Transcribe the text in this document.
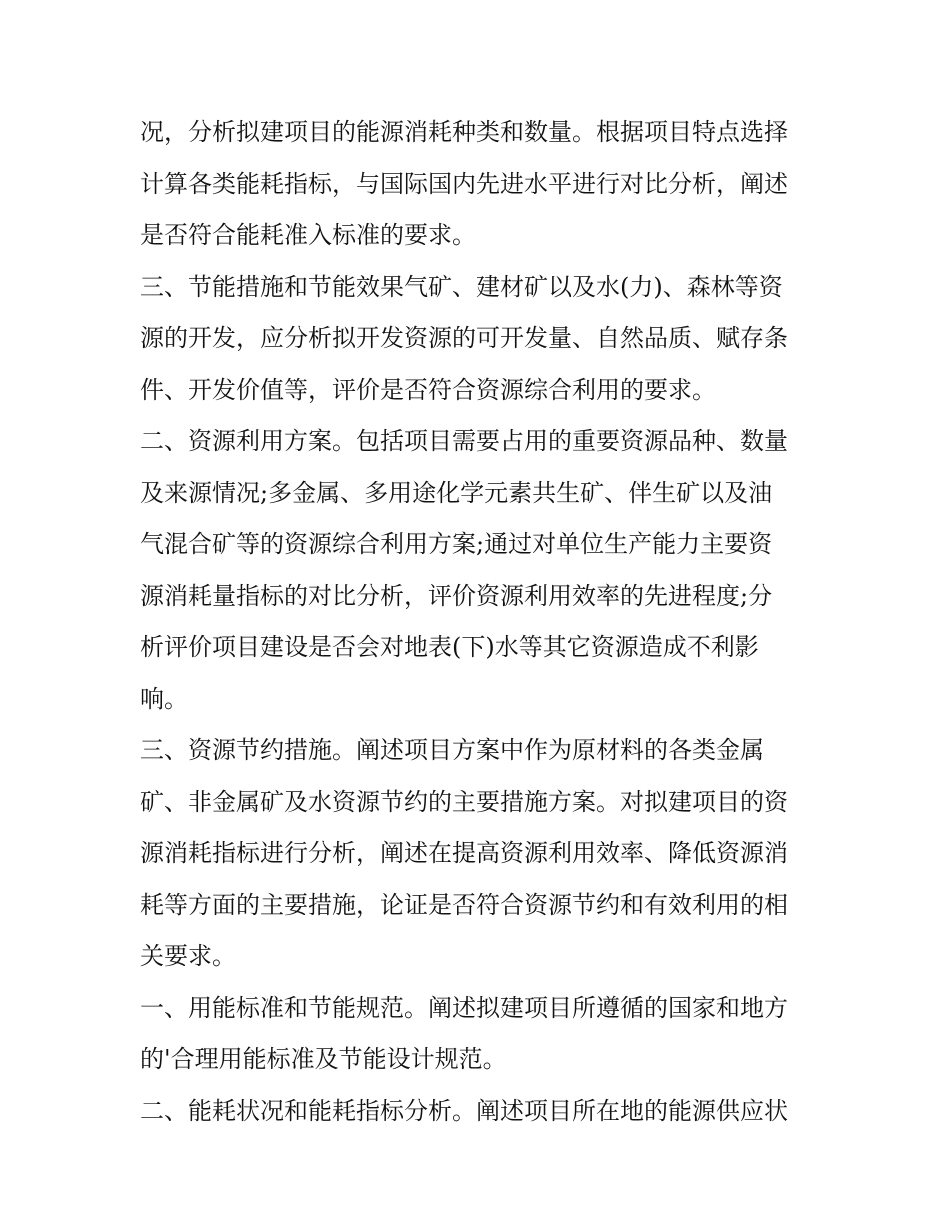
况，分析拟建项目的能源消耗种类和数量。根据项目特点选择
计算各类能耗指标，与国际国内先进水平进行对比分析，阐述
是否符合能耗准入标准的要求。
三、节能措施和节能效果气矿、建材矿以及水(力)、森林等资
源的开发，应分析拟开发资源的可开发量、自然品质、赋存条
件、开发价值等，评价是否符合资源综合利用的要求。
二、资源利用方案。包括项目需要占用的重要资源品种、数量
及来源情况;多金属、多用途化学元素共生矿、伴生矿以及油
气混合矿等的资源综合利用方案;通过对单位生产能力主要资
源消耗量指标的对比分析，评价资源利用效率的先进程度;分
析评价项目建设是否会对地表(下)水等其它资源造成不利影
响。
三、资源节约措施。阐述项目方案中作为原材料的各类金属
矿、非金属矿及水资源节约的主要措施方案。对拟建项目的资
源消耗指标进行分析，阐述在提高资源利用效率、降低资源消
耗等方面的主要措施，论证是否符合资源节约和有效利用的相
关要求。
一、用能标准和节能规范。阐述拟建项目所遵循的国家和地方
的'合理用能标准及节能设计规范。
二、能耗状况和能耗指标分析。阐述项目所在地的能源供应状
